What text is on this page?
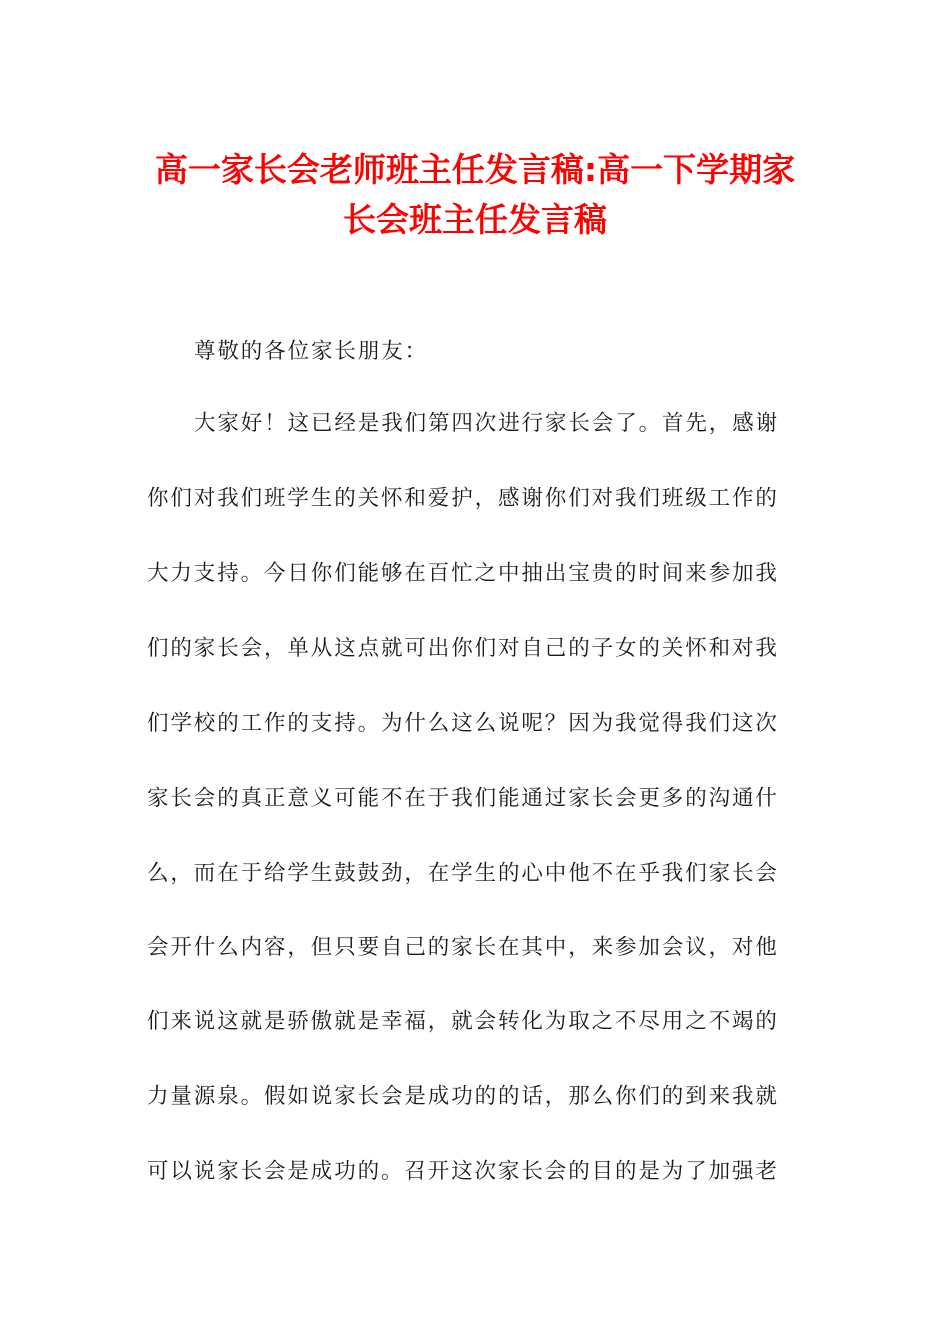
高一家长会老师班主任发言稿:高一下学期家
长会班主任发言稿
尊敬的各位家长朋友：
大家好！这已经是我们第四次进行家长会了。首先，感谢
你们对我们班学生的关怀和爱护，感谢你们对我们班级工作的
大力支持。今日你们能够在百忙之中抽出宝贵的时间来参加我
们的家长会，单从这点就可出你们对自己的子女的关怀和对我
们学校的工作的支持。为什么这么说呢？因为我觉得我们这次
家长会的真正意义可能不在于我们能通过家长会更多的沟通什
么，而在于给学生鼓鼓劲，在学生的心中他不在乎我们家长会
会开什么内容，但只要自己的家长在其中，来参加会议，对他
们来说这就是骄傲就是幸福，就会转化为取之不尽用之不竭的
力量源泉。假如说家长会是成功的的话，那么你们的到来我就
可以说家长会是成功的。召开这次家长会的目的是为了加强老
